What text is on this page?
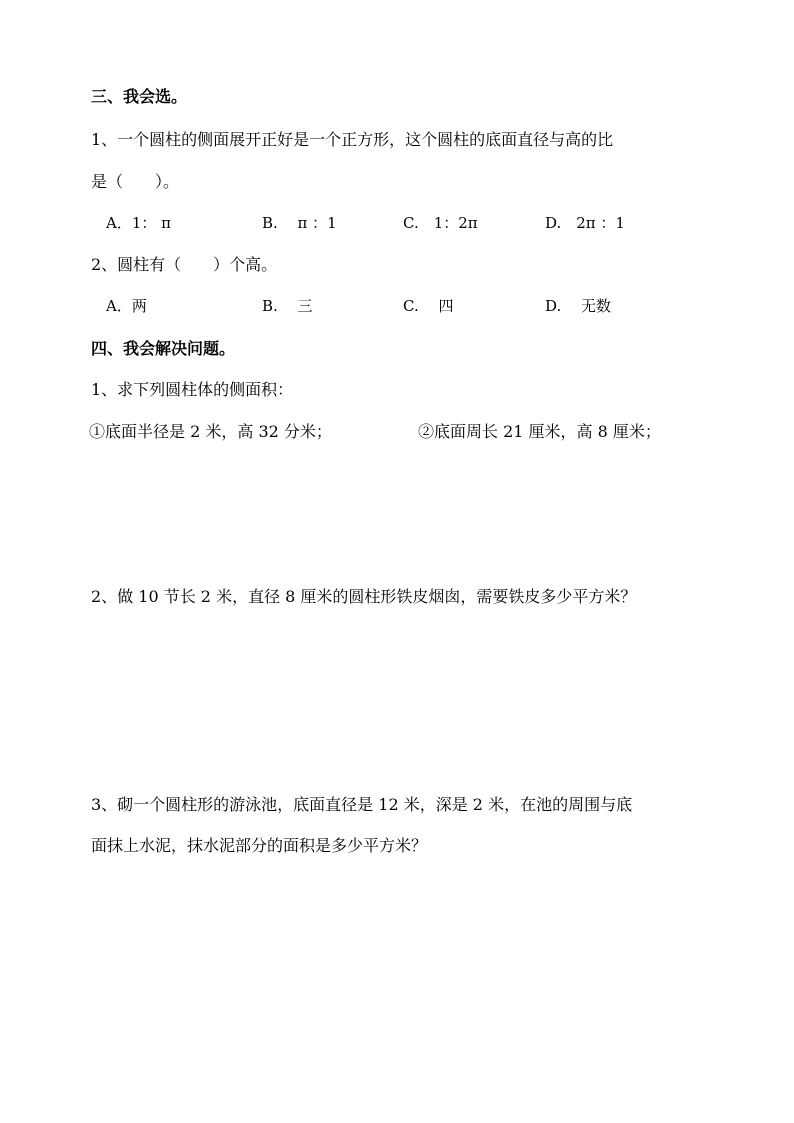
三、我会选。
1、一个圆柱的侧面展开正好是一个正方形，这个圆柱的底面直径与高的比
是（　　）。
A．1： π	B.　 π ：1	C.　1：2π	D.　2π ：1
2、圆柱有（　　）个高。
A．两	B.　 三	C.　 四	D.　 无数
四、我会解决问题。
1、求下列圆柱体的侧面积：
①底面半径是 2 米，高 32 分米；	②底面周长 21 厘米，高 8 厘米；
2、做 10 节长 2 米，直径 8 厘米的圆柱形铁皮烟囱，需要铁皮多少平方米？
3、砌一个圆柱形的游泳池，底面直径是 12 米，深是 2 米，在池的周围与底
面抹上水泥，抹水泥部分的面积是多少平方米？
